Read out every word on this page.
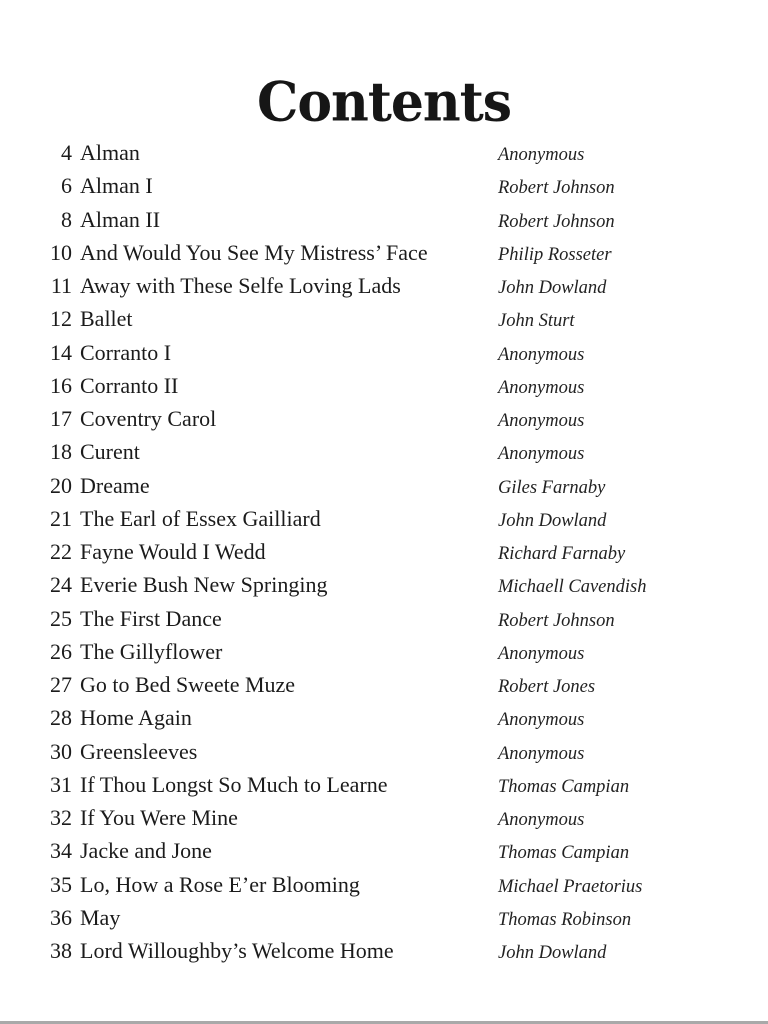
Contents
4 Alman	Anonymous
6 Alman I	Robert Johnson
8 Alman II	Robert Johnson
10 And Would You See My Mistress’ Face	Philip Rosseter
11 Away with These Selfe Loving Lads	John Dowland
12 Ballet	John Sturt
14 Corranto I	Anonymous
16 Corranto II	Anonymous
17 Coventry Carol	Anonymous
18 Curent	Anonymous
20 Dreame	Giles Farnaby
21 The Earl of Essex Gailliard	John Dowland
22 Fayne Would I Wedd	Richard Farnaby
24 Everie Bush New Springing	Michaell Cavendish
25 The First Dance	Robert Johnson
26 The Gillyflower	Anonymous
27 Go to Bed Sweete Muze	Robert Jones
28 Home Again	Anonymous
30 Greensleeves	Anonymous
31 If Thou Longst So Much to Learne	Thomas Campian
32 If You Were Mine	Anonymous
34 Jacke and Jone	Thomas Campian
35 Lo, How a Rose E’er Blooming	Michael Praetorius
36 May	Thomas Robinson
38 Lord Willoughby’s Welcome Home	John Dowland
